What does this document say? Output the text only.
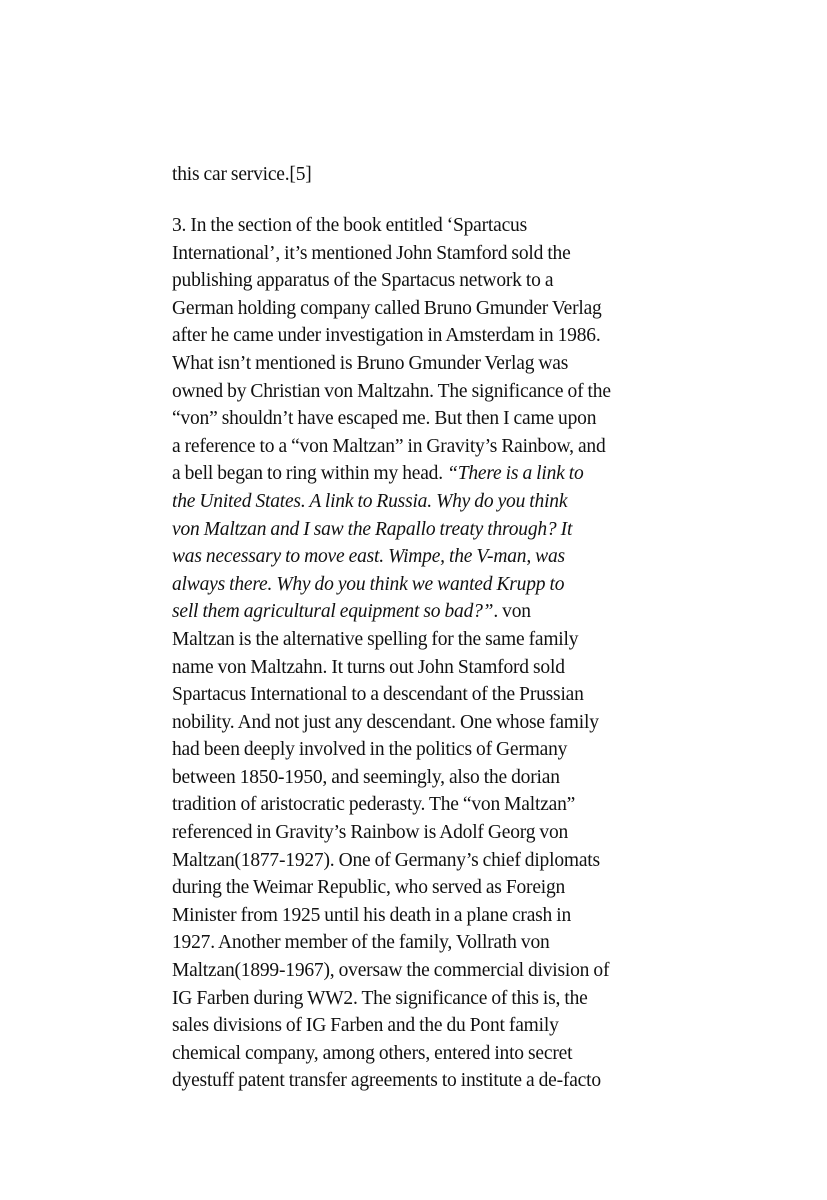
this car service.[5]
3. In the section of the book entitled ‘Spartacus
International’, it’s mentioned John Stamford sold the
publishing apparatus of the Spartacus network to a
German holding company called Bruno Gmunder Verlag
after he came under investigation in Amsterdam in 1986.
What isn’t mentioned is Bruno Gmunder Verlag was
owned by Christian von Maltzahn. The significance of the
“von” shouldn’t have escaped me. But then I came upon
a reference to a “von Maltzan” in Gravity’s Rainbow, and
a bell began to ring within my head. “There is a link to
the United States. A link to Russia. Why do you think
von Maltzan and I saw the Rapallo treaty through? It
was necessary to move east. Wimpe, the V-man, was
always there. Why do you think we wanted Krupp to
sell them agricultural equipment so bad?”. von
Maltzan is the alternative spelling for the same family
name von Maltzahn. It turns out John Stamford sold
Spartacus International to a descendant of the Prussian
nobility. And not just any descendant. One whose family
had been deeply involved in the politics of Germany
between 1850-1950, and seemingly, also the dorian
tradition of aristocratic pederasty. The “von Maltzan”
referenced in Gravity’s Rainbow is Adolf Georg von
Maltzan(1877-1927). One of Germany’s chief diplomats
during the Weimar Republic, who served as Foreign
Minister from 1925 until his death in a plane crash in
1927. Another member of the family, Vollrath von
Maltzan(1899-1967), oversaw the commercial division of
IG Farben during WW2. The significance of this is, the
sales divisions of IG Farben and the du Pont family
chemical company, among others, entered into secret
dyestuff patent transfer agreements to institute a de-facto
